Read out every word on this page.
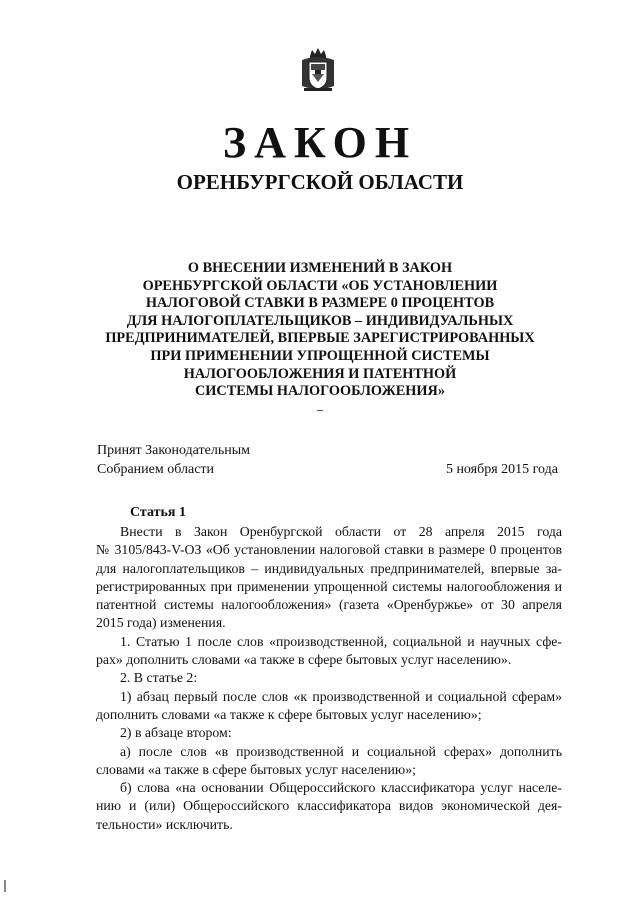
ЗАКОН
ОРЕНБУРГСКОЙ ОБЛАСТИ
О ВНЕСЕНИИ ИЗМЕНЕНИЙ В ЗАКОН
ОРЕНБУРГСКОЙ ОБЛАСТИ «ОБ УСТАНОВЛЕНИИ
НАЛОГОВОЙ СТАВКИ В РАЗМЕРЕ 0 ПРОЦЕНТОВ
ДЛЯ НАЛОГОПЛАТЕЛЬЩИКОВ – ИНДИВИДУАЛЬНЫХ
ПРЕДПРИНИМАТЕЛЕЙ, ВПЕРВЫЕ ЗАРЕГИСТРИРОВАННЫХ
ПРИ ПРИМЕНЕНИИ УПРОЩЕННОЙ СИСТЕМЫ
НАЛОГООБЛОЖЕНИЯ И ПАТЕНТНОЙ
СИСТЕМЫ НАЛОГООБЛОЖЕНИЯ»
Принят Законодательным
Собранием области	5 ноября 2015 года
Статья 1
Внести в Закон Оренбургской области от 28 апреля 2015 года
№ 3105/843-V-ОЗ «Об установлении налоговой ставки в размере 0 процентов
для налогоплательщиков – индивидуальных предпринимателей, впервые за-
регистрированных при применении упрощенной системы налогообложения и
патентной системы налогообложения» (газета «Оренбуржье» от 30 апреля
2015 года) изменения.
1. Статью 1 после слов «производственной, социальной и научных сфе-
рах» дополнить словами «а также в сфере бытовых услуг населению».
2. В статье 2:
1) абзац первый после слов «к производственной и социальной сферам»
дополнить словами «а также к сфере бытовых услуг населению»;
2) в абзаце втором:
а) после слов «в производственной и социальной сферах» дополнить
словами «а также в сфере бытовых услуг населению»;
б) слова «на основании Общероссийского классификатора услуг населе-
нию и (или) Общероссийского классификатора видов экономической дея-
тельности» исключить.
